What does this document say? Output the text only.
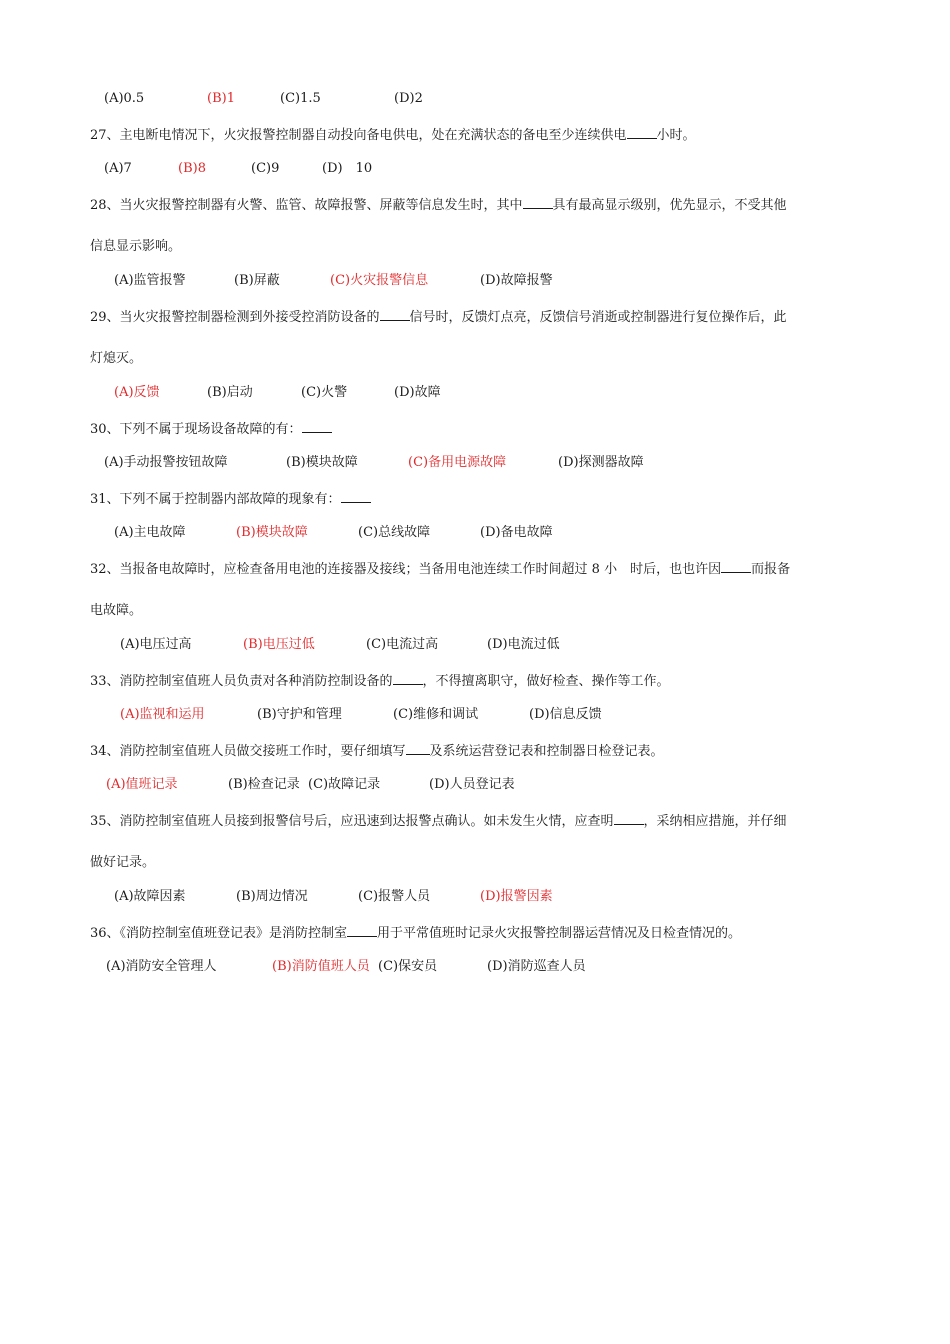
(A)0.5	(B)1	(C)1.5	(D)2
27、主电断电情况下，火灾报警控制器自动投向备电供电，处在充满状态的备电至少连续供电 小时。
(A)7	(B)8	(C)9	(D)　10
28、当火灾报警控制器有火警、监管、故障报警、屏蔽等信息发生时，其中 具有最高显示级别，优先显示，不受其他
信息显示影响。
(A)监管报警	(B)屏蔽	(C)火灾报警信息	(D)故障报警
29、当火灾报警控制器检测到外接受控消防设备的 信号时，反馈灯点亮，反馈信号消逝或控制器进行复位操作后，此
灯熄灭。
(A)反馈	(B)启动	(C)火警	(D)故障
30、下列不属于现场设备故障的有：
(A)手动报警按钮故障	(B)模块故障	(C)备用电源故障	(D)探测器故障
31、下列不属于控制器内部故障的现象有：
(A)主电故障	(B)模块故障	(C)总线故障	(D)备电故障
32、当报备电故障时，应检查备用电池的连接器及接线；当备用电池连续工作时间超过 8 小　时后，也也许因 而报备
电故障。
(A)电压过高	(B)电压过低	(C)电流过高	(D)电流过低
33、消防控制室值班人员负责对各种消防控制设备的 ，不得擅离职守，做好检查、操作等工作。
(A)监视和运用	(B)守护和管理	(C)维修和调试	(D)信息反馈
34、消防控制室值班人员做交接班工作时，要仔细填写 及系统运营登记表和控制器日检登记表。
(A)值班记录	(B)检查记录 (C)故障记录	(D)人员登记表
35、消防控制室值班人员接到报警信号后，应迅速到达报警点确认。如未发生火情，应查明 ，采纳相应措施，并仔细
做好记录。
(A)故障因素	(B)周边情况	(C)报警人员	(D)报警因素
36、《消防控制室值班登记表》是消防控制室 用于平常值班时记录火灾报警控制器运营情况及日检查情况的。
(A)消防安全管理人	(B)消防值班人员 (C)保安员	(D)消防巡查人员
